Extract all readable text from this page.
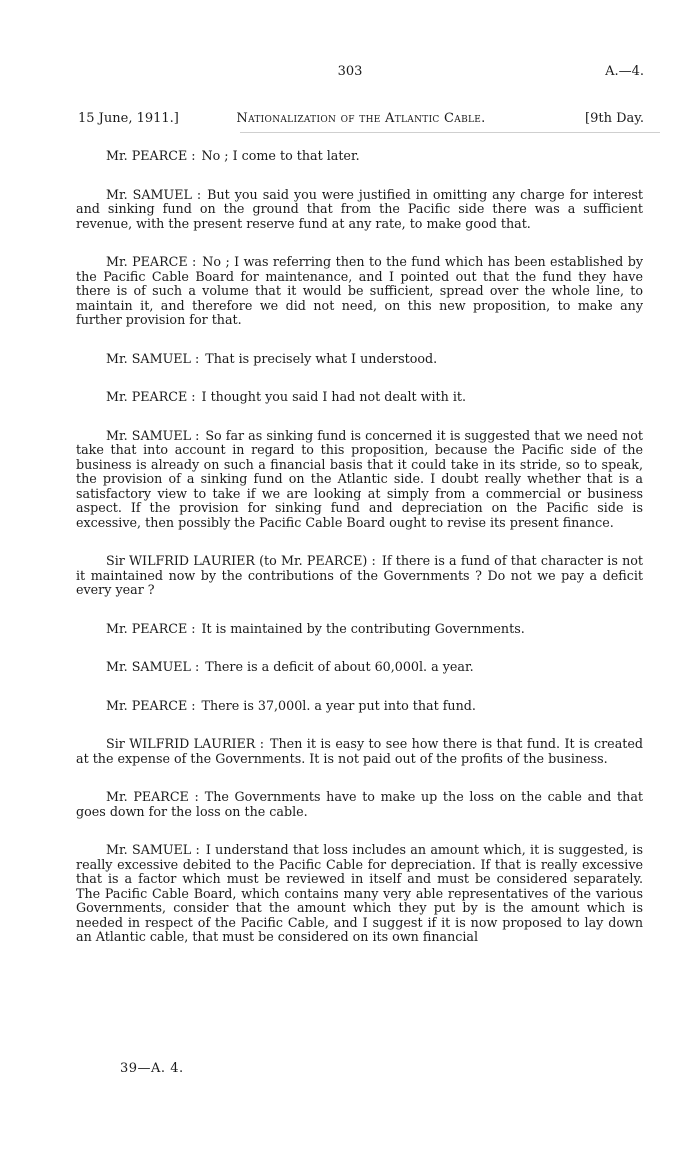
303	A.—4.
15 June, 1911.]	Nationalization of the Atlantic Cable.	[9th Day.

Mr. PEARCE : No ; I come to that later.

Mr. SAMUEL : But you said you were justified in omitting any charge for interest and sinking fund on the ground that from the Pacific side there was a sufficient revenue, with the present reserve fund at any rate, to make good that.

Mr. PEARCE : No ; I was referring then to the fund which has been established by the Pacific Cable Board for maintenance, and I pointed out that the fund they have there is of such a volume that it would be sufficient, spread over the whole line, to maintain it, and therefore we did not need, on this new proposition, to make any further provision for that.

Mr. SAMUEL : That is precisely what I understood.

Mr. PEARCE : I thought you said I had not dealt with it.

Mr. SAMUEL : So far as sinking fund is concerned it is suggested that we need not take that into account in regard to this proposition, because the Pacific side of the business is already on such a financial basis that it could take in its stride, so to speak, the provision of a sinking fund on the Atlantic side. I doubt really whether that is a satisfactory view to take if we are looking at simply from a commercial or business aspect. If the provision for sinking fund and depreciation on the Pacific side is excessive, then possibly the Pacific Cable Board ought to revise its present finance.

Sir WILFRID LAURIER (to Mr. PEARCE) : If there is a fund of that character is not it maintained now by the contributions of the Governments ? Do not we pay a deficit every year ?

Mr. PEARCE : It is maintained by the contributing Governments.

Mr. SAMUEL : There is a deficit of about 60,000l. a year.

Mr. PEARCE : There is 37,000l. a year put into that fund.

Sir WILFRID LAURIER : Then it is easy to see how there is that fund. It is created at the expense of the Governments. It is not paid out of the profits of the business.

Mr. PEARCE : The Governments have to make up the loss on the cable and that goes down for the loss on the cable.

Mr. SAMUEL : I understand that loss includes an amount which, it is suggested, is really excessive debited to the Pacific Cable for depreciation. If that is really excessive that is a factor which must be reviewed in itself and must be considered separately. The Pacific Cable Board, which contains many very able representatives of the various Governments, consider that the amount which they put by is the amount which is needed in respect of the Pacific Cable, and I suggest if it is now proposed to lay down an Atlantic cable, that must be considered on its own financial

39—A. 4.
